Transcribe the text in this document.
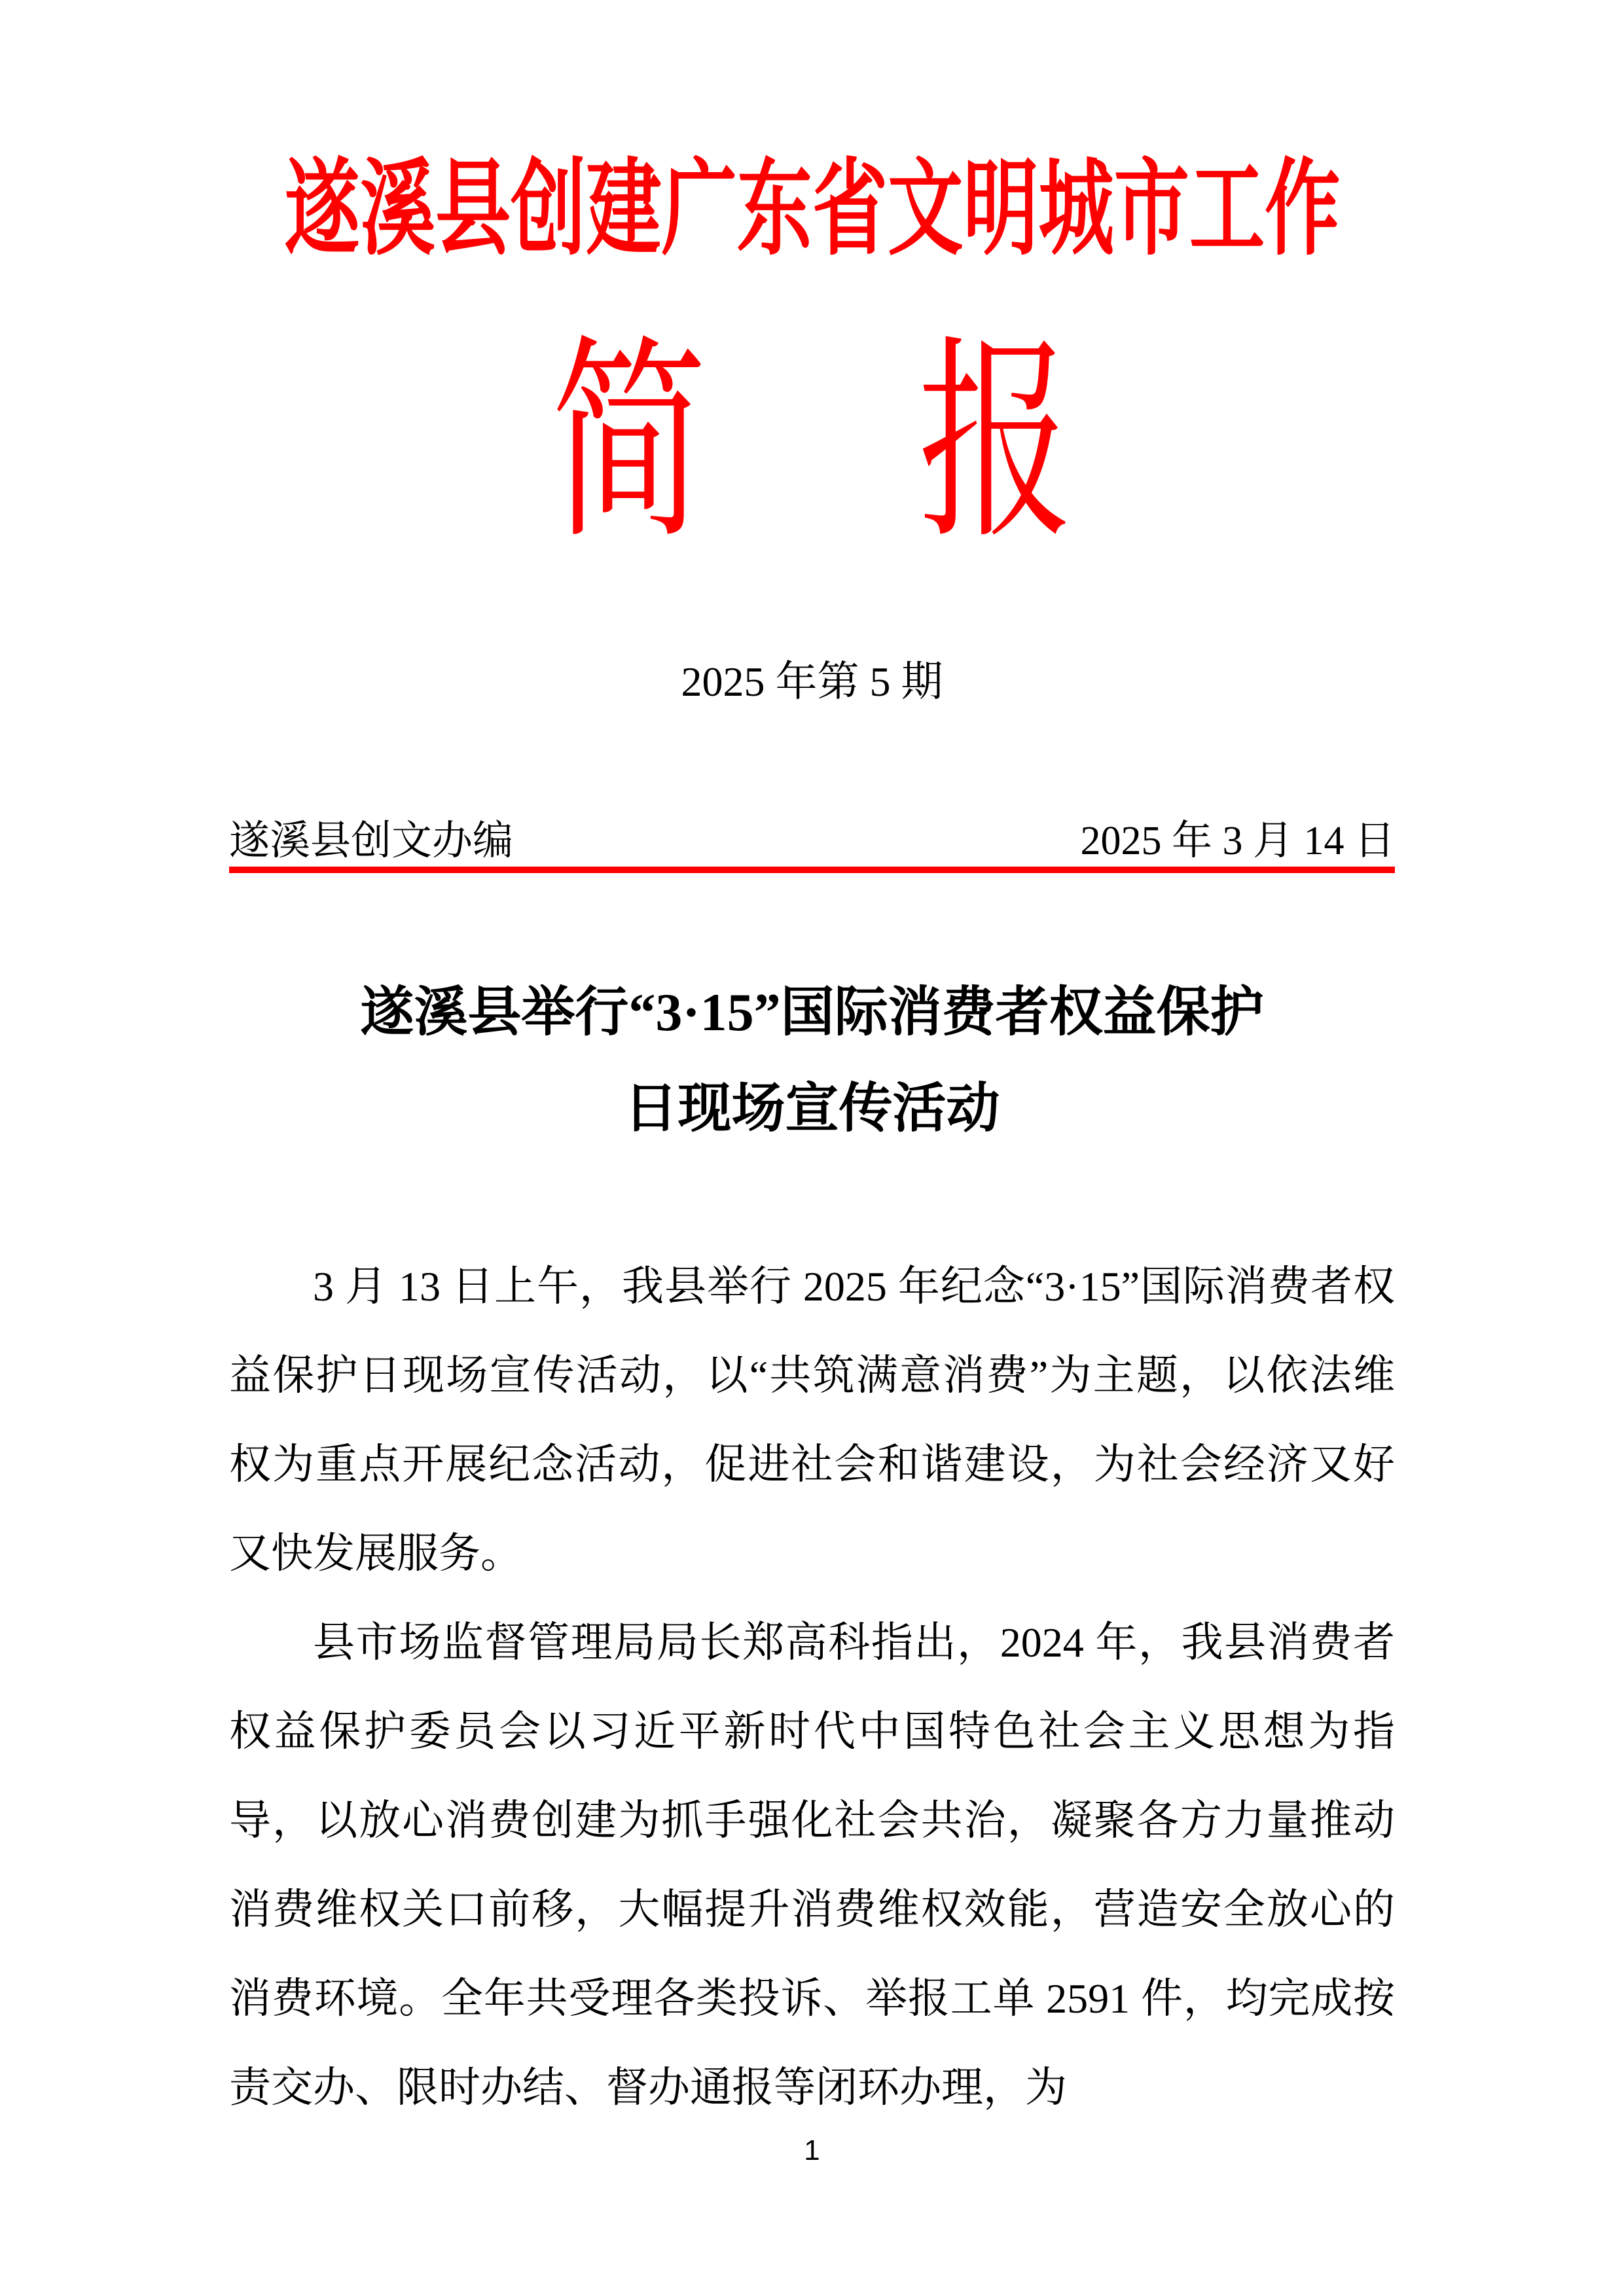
遂溪县创建广东省文明城市工作
简 报
2025 年第 5 期
遂溪县创文办编	2025 年 3 月 14 日
遂溪县举行“3·15”国际消费者权益保护
日现场宣传活动

3 月 13 日上午，我县举行 2025 年纪念“3·15”国际消费者权益保护日现场宣传活动，以“共筑满意消费”为主题，以依法维权为重点开展纪念活动，促进社会和谐建设，为社会经济又好又快发展服务。

县市场监督管理局局长郑高科指出，2024 年，我县消费者权益保护委员会以习近平新时代中国特色社会主义思想为指导，以放心消费创建为抓手强化社会共治，凝聚各方力量推动消费维权关口前移，大幅提升消费维权效能，营造安全放心的消费环境。全年共受理各类投诉、举报工单 2591 件，均完成按责交办、限时办结、督办通报等闭环办理，为

1
